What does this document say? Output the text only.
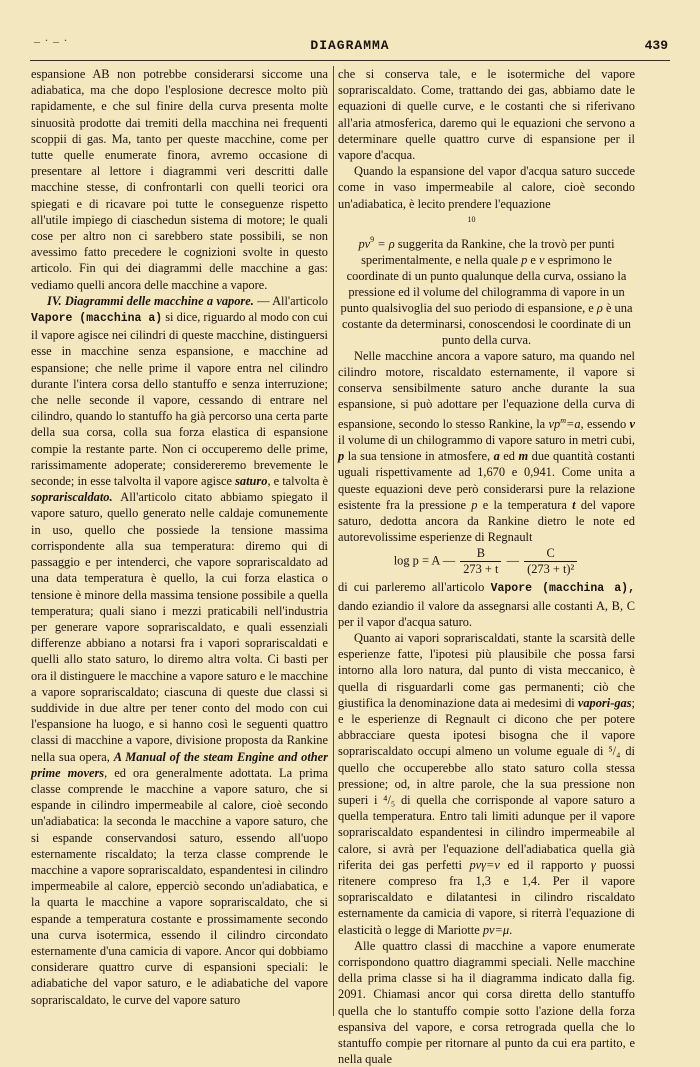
_ . _ .
DIAGRAMMA	439

espansione AB non potrebbe considerarsi siccome una adiabatica, ma che dopo l'esplosione decresce molto più rapidamente, e che sul finire della curva presenta molte sinuosità prodotte dai tremiti della macchina nei frequenti scoppii di gas. Ma, tanto per queste macchine, come per tutte quelle enumerate finora, avremo occasione di presentare al lettore i diagrammi veri descritti dalle macchine stesse, di confrontarli con quelli teorici ora spiegati e di ricavare poi tutte le conseguenze rispetto all'utile impiego di ciaschedun sistema di motore; le quali cose per altro non ci sarebbero state possibili, se non avessimo fatto precedere le cognizioni svolte in questo articolo. Fin qui dei diagrammi delle macchine a gas: vediamo quelli ancora delle macchine a vapore.

IV. Diagrammi delle macchine a vapore. — All'articolo Vapore (macchina a) si dice, riguardo al modo con cui il vapore agisce nei cilindri di queste macchine, distinguersi esse in macchine senza espansione, e macchine ad espansione; che nelle prime il vapore entra nel cilindro durante l'intera corsa dello stantuffo e senza interruzione; che nelle seconde il vapore, cessando di entrare nel cilindro, quando lo stantuffo ha già percorso una certa parte della sua corsa, colla sua forza elastica di espansione compie la restante parte. Non ci occuperemo delle prime, rarissimamente adoperate; considereremo brevemente le seconde; in esse talvolta il vapore agisce saturo, e talvolta è soprariscaldato. All'articolo citato abbiamo spiegato il vapore saturo, quello generato nelle caldaje comunemente in uso, quello che possiede la tensione massima corrispondente alla sua temperatura: diremo qui di passaggio e per intenderci, che vapore soprariscaldato ad una data temperatura è quello, la cui forza elastica o tensione è minore della massima tensione possibile a quella temperatura; quali siano i mezzi praticabili nell'industria per generare vapore soprariscaldato, e quali essenziali differenze abbiano a notarsi fra i vapori soprariscaldati e quelli allo stato saturo, lo diremo altra volta. Ci basti per ora il distinguere le macchine a vapore saturo e le macchine a vapore soprariscaldato; ciascuna di queste due classi si suddivide in due altre per tener conto del modo con cui l'espansione ha luogo, e si hanno così le seguenti quattro classi di macchine a vapore, divisione proposta da Rankine nella sua opera, A Manual of the steam Engine and other prime movers, ed ora generalmente adottata. La prima classe comprende le macchine a vapore saturo, che si espande in cilindro impermeabile al calore, cioè secondo un'adiabatica: la seconda le macchine a vapore saturo, che si espande conservandosi saturo, essendo all'uopo esternamente riscaldato; la terza classe comprende le macchine a vapore soprariscaldato, espandentesi in cilindro impermeabile al calore, epperciò secondo un'adiabatica, e la quarta le macchine a vapore soprariscaldato, che si espande a temperatura costante e prossimamente secondo una curva isotermica, essendo il cilindro circondato esternamente d'una camicia di vapore. Ancor qui dobbiamo considerare quattro curve di espansioni speciali: le adiabatiche del vapor saturo, e le adiabatiche del vapore soprariscaldato, le curve del vapore saturo

che si conserva tale, e le isotermiche del vapore soprariscaldato. Come, trattando dei gas, abbiamo date le equazioni di quelle curve, e le costanti che si riferivano all'aria atmosferica, daremo qui le equazioni che servono a determinare quelle quattro curve di espansione per il vapore d'acqua.

Quando la espansione del vapor d'acqua saturo succede come in vaso impermeabile al calore, cioè secondo un'adiabatica, è lecito prendere l'equazione

$^{10}$
$pv^9 = \rho$ suggerita da Rankine, che la trovò per punti sperimentalmente, e nella quale p e v esprimono le coordinate di un punto qualunque della curva, ossiano la pressione ed il volume del chilogramma di vapore in un punto qualsivoglia del suo periodo di espansione, e ρ è una costante da determinarsi, conoscendosi le coordinate di un punto della curva.

Nelle macchine ancora a vapore saturo, ma quando nel cilindro motore, riscaldato esternamente, il vapore si conserva sensibilmente saturo anche durante la sua espansione, si può adottare per l'equazione della curva di espansione, secondo lo stesso Rankine, la $vp^m=a$, essendo v il volume di un chilogrammo di vapore saturo in metri cubi, p la sua tensione in atmosfere, a ed m due quantità costanti uguali rispettivamente ad 1,670 e 0,941. Come unita a queste equazioni deve però considerarsi pure la relazione esistente fra la pressione p e la temperatura t del vapore saturo, dedotta ancora da Rankine dietro le note ed autorevolissime esperienze di Regnault

log p = A — $\frac{B}{273 + t}$ — $\frac{C}{\text{(273 + t)²}}$

di cui parleremo all'articolo Vapore (macchina a), dando eziandio il valore da assegnarsi alle costanti A, B, C per il vapor d'acqua saturo.

Quanto ai vapori soprariscaldati, stante la scarsità delle esperienze fatte, l'ipotesi più plausibile che possa farsi intorno alla loro natura, dal punto di vista meccanico, è quella di risguardarli come gas permanenti; ciò che giustifica la denominazione data ai medesimi di vapori-gas; e le esperienze di Regnault ci dicono che per potere abbracciare questa ipotesi bisogna che il vapore soprariscaldato occupi almeno un volume eguale di ⁵/₄ di quello che occuperebbe allo stato saturo colla stessa pressione; od, in altre parole, che la sua pressione non superi i ⁴/₅ di quella che corrisponde al vapore saturo a quella temperatura. Entro tali limiti adunque per il vapore soprariscaldato espandentesi in cilindro impermeabile al calore, si avrà per l'equazione dell'adiabatica quella già riferita dei gas perfetti pvγ=ν ed il rapporto γ puossi ritenere compreso fra 1,3 e 1,4. Per il vapore soprariscaldato e dilatantesi in cilindro riscaldato esternamente da camicia di vapore, si riterrà l'equazione di elasticità o legge di Mariotte pv=μ.

Alle quattro classi di macchine a vapore enumerate corrispondono quattro diagrammi speciali. Nelle macchine della prima classe si ha il diagramma indicato dalla fig. 2091. Chiamasi ancor qui corsa diretta dello stantuffo quella che lo stantuffo compie sotto l'azione della forza espansiva del vapore, e corsa retrograda quella che lo stantuffo compie per ritornare al punto da cui era partito, e nella quale
